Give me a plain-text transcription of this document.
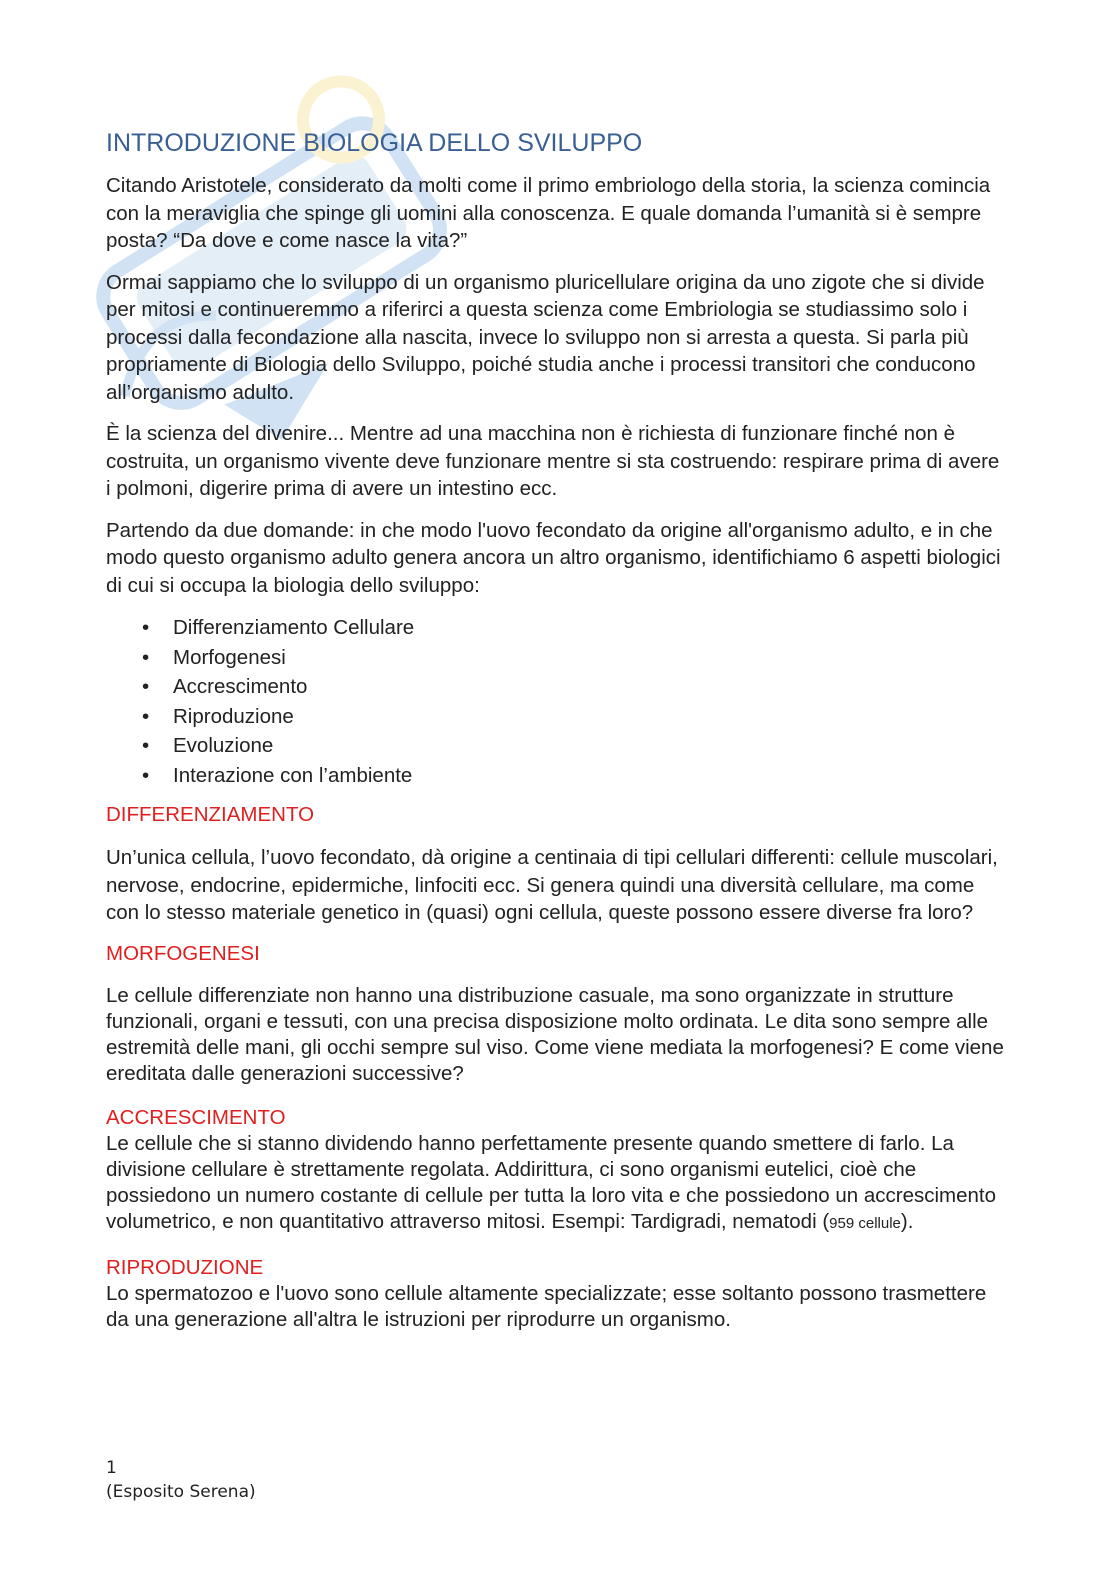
INTRODUZIONE BIOLOGIA DELLO SVILUPPO

Citando Aristotele, considerato da molti come il primo embriologo della storia, la scienza comincia con la meraviglia che spinge gli uomini alla conoscenza. E quale domanda l’umanità si è sempre posta? “Da dove e come nasce la vita?”

Ormai sappiamo che lo sviluppo di un organismo pluricellulare origina da uno zigote che si divide per mitosi e continueremmo a riferirci a questa scienza come Embriologia se studiassimo solo i processi dalla fecondazione alla nascita, invece lo sviluppo non si arresta a questa. Si parla più propriamente di Biologia dello Sviluppo, poiché studia anche i processi transitori che conducono all’organismo adulto.

È la scienza del divenire... Mentre ad una macchina non è richiesta di funzionare finché non è costruita, un organismo vivente deve funzionare mentre si sta costruendo: respirare prima di avere i polmoni, digerire prima di avere un intestino ecc.

Partendo da due domande: in che modo l'uovo fecondato da origine all'organismo adulto, e in che modo questo organismo adulto genera ancora un altro organismo, identifichiamo 6 aspetti biologici di cui si occupa la biologia dello sviluppo:

• Differenziamento Cellulare
• Morfogenesi
• Accrescimento
• Riproduzione
• Evoluzione
• Interazione con l’ambiente
DIFFERENZIAMENTO

Un’unica cellula, l’uovo fecondato, dà origine a centinaia di tipi cellulari differenti: cellule muscolari, nervose, endocrine, epidermiche, linfociti ecc. Si genera quindi una diversità cellulare, ma come con lo stesso materiale genetico in (quasi) ogni cellula, queste possono essere diverse fra loro?

MORFOGENESI

Le cellule differenziate non hanno una distribuzione casuale, ma sono organizzate in strutture funzionali, organi e tessuti, con una precisa disposizione molto ordinata. Le dita sono sempre alle estremità delle mani, gli occhi sempre sul viso. Come viene mediata la morfogenesi? E come viene ereditata dalle generazioni successive?

ACCRESCIMENTO

Le cellule che si stanno dividendo hanno perfettamente presente quando smettere di farlo. La divisione cellulare è strettamente regolata. Addirittura, ci sono organismi eutelici, cioè che possiedono un numero costante di cellule per tutta la loro vita e che possiedono un accrescimento volumetrico, e non quantitativo attraverso mitosi. Esempi: Tardigradi, nematodi (959 cellule).

RIPRODUZIONE

Lo spermatozoo e l'uovo sono cellule altamente specializzate; esse soltanto possono trasmettere da una generazione all'altra le istruzioni per riprodurre un organismo.

1
(Esposito Serena)
